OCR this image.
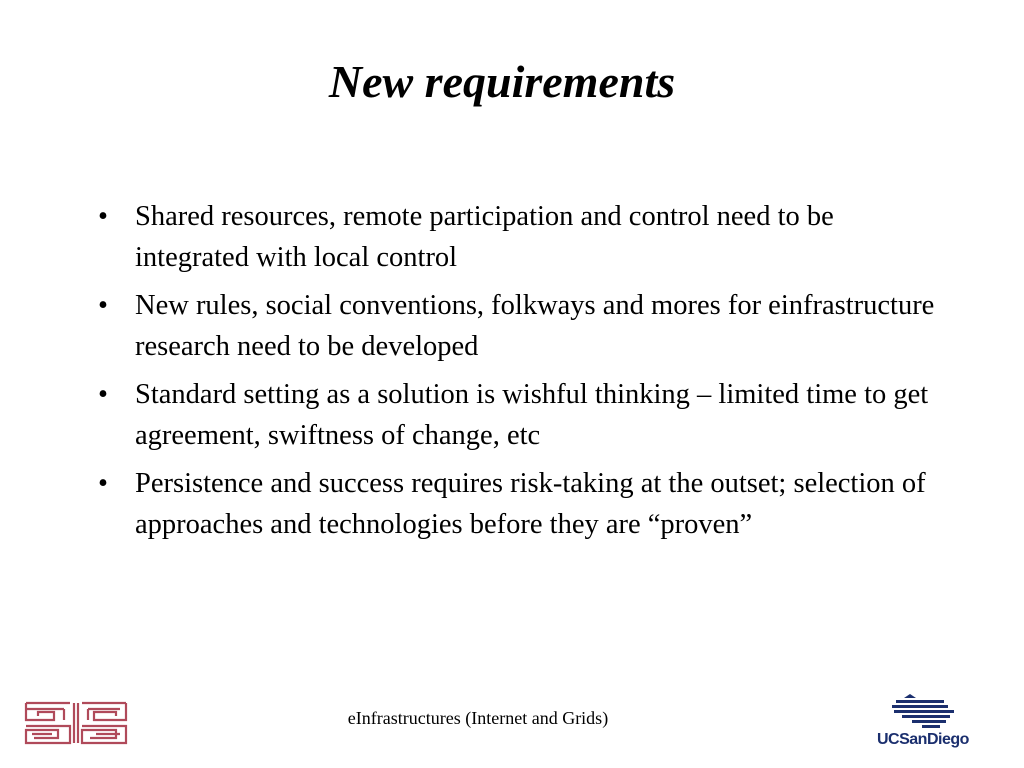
New requirements
• Shared resources, remote participation and control need to be integrated with local control
• New rules, social conventions, folkways and mores for einfrastructure research need to be developed
• Standard setting as a solution is wishful thinking – limited time to get agreement, swiftness of change, etc
• Persistence and success requires risk-taking at the outset; selection of approaches and technologies before they are “proven”
eInfrastructures (Internet and Grids)
UCSanDiego
